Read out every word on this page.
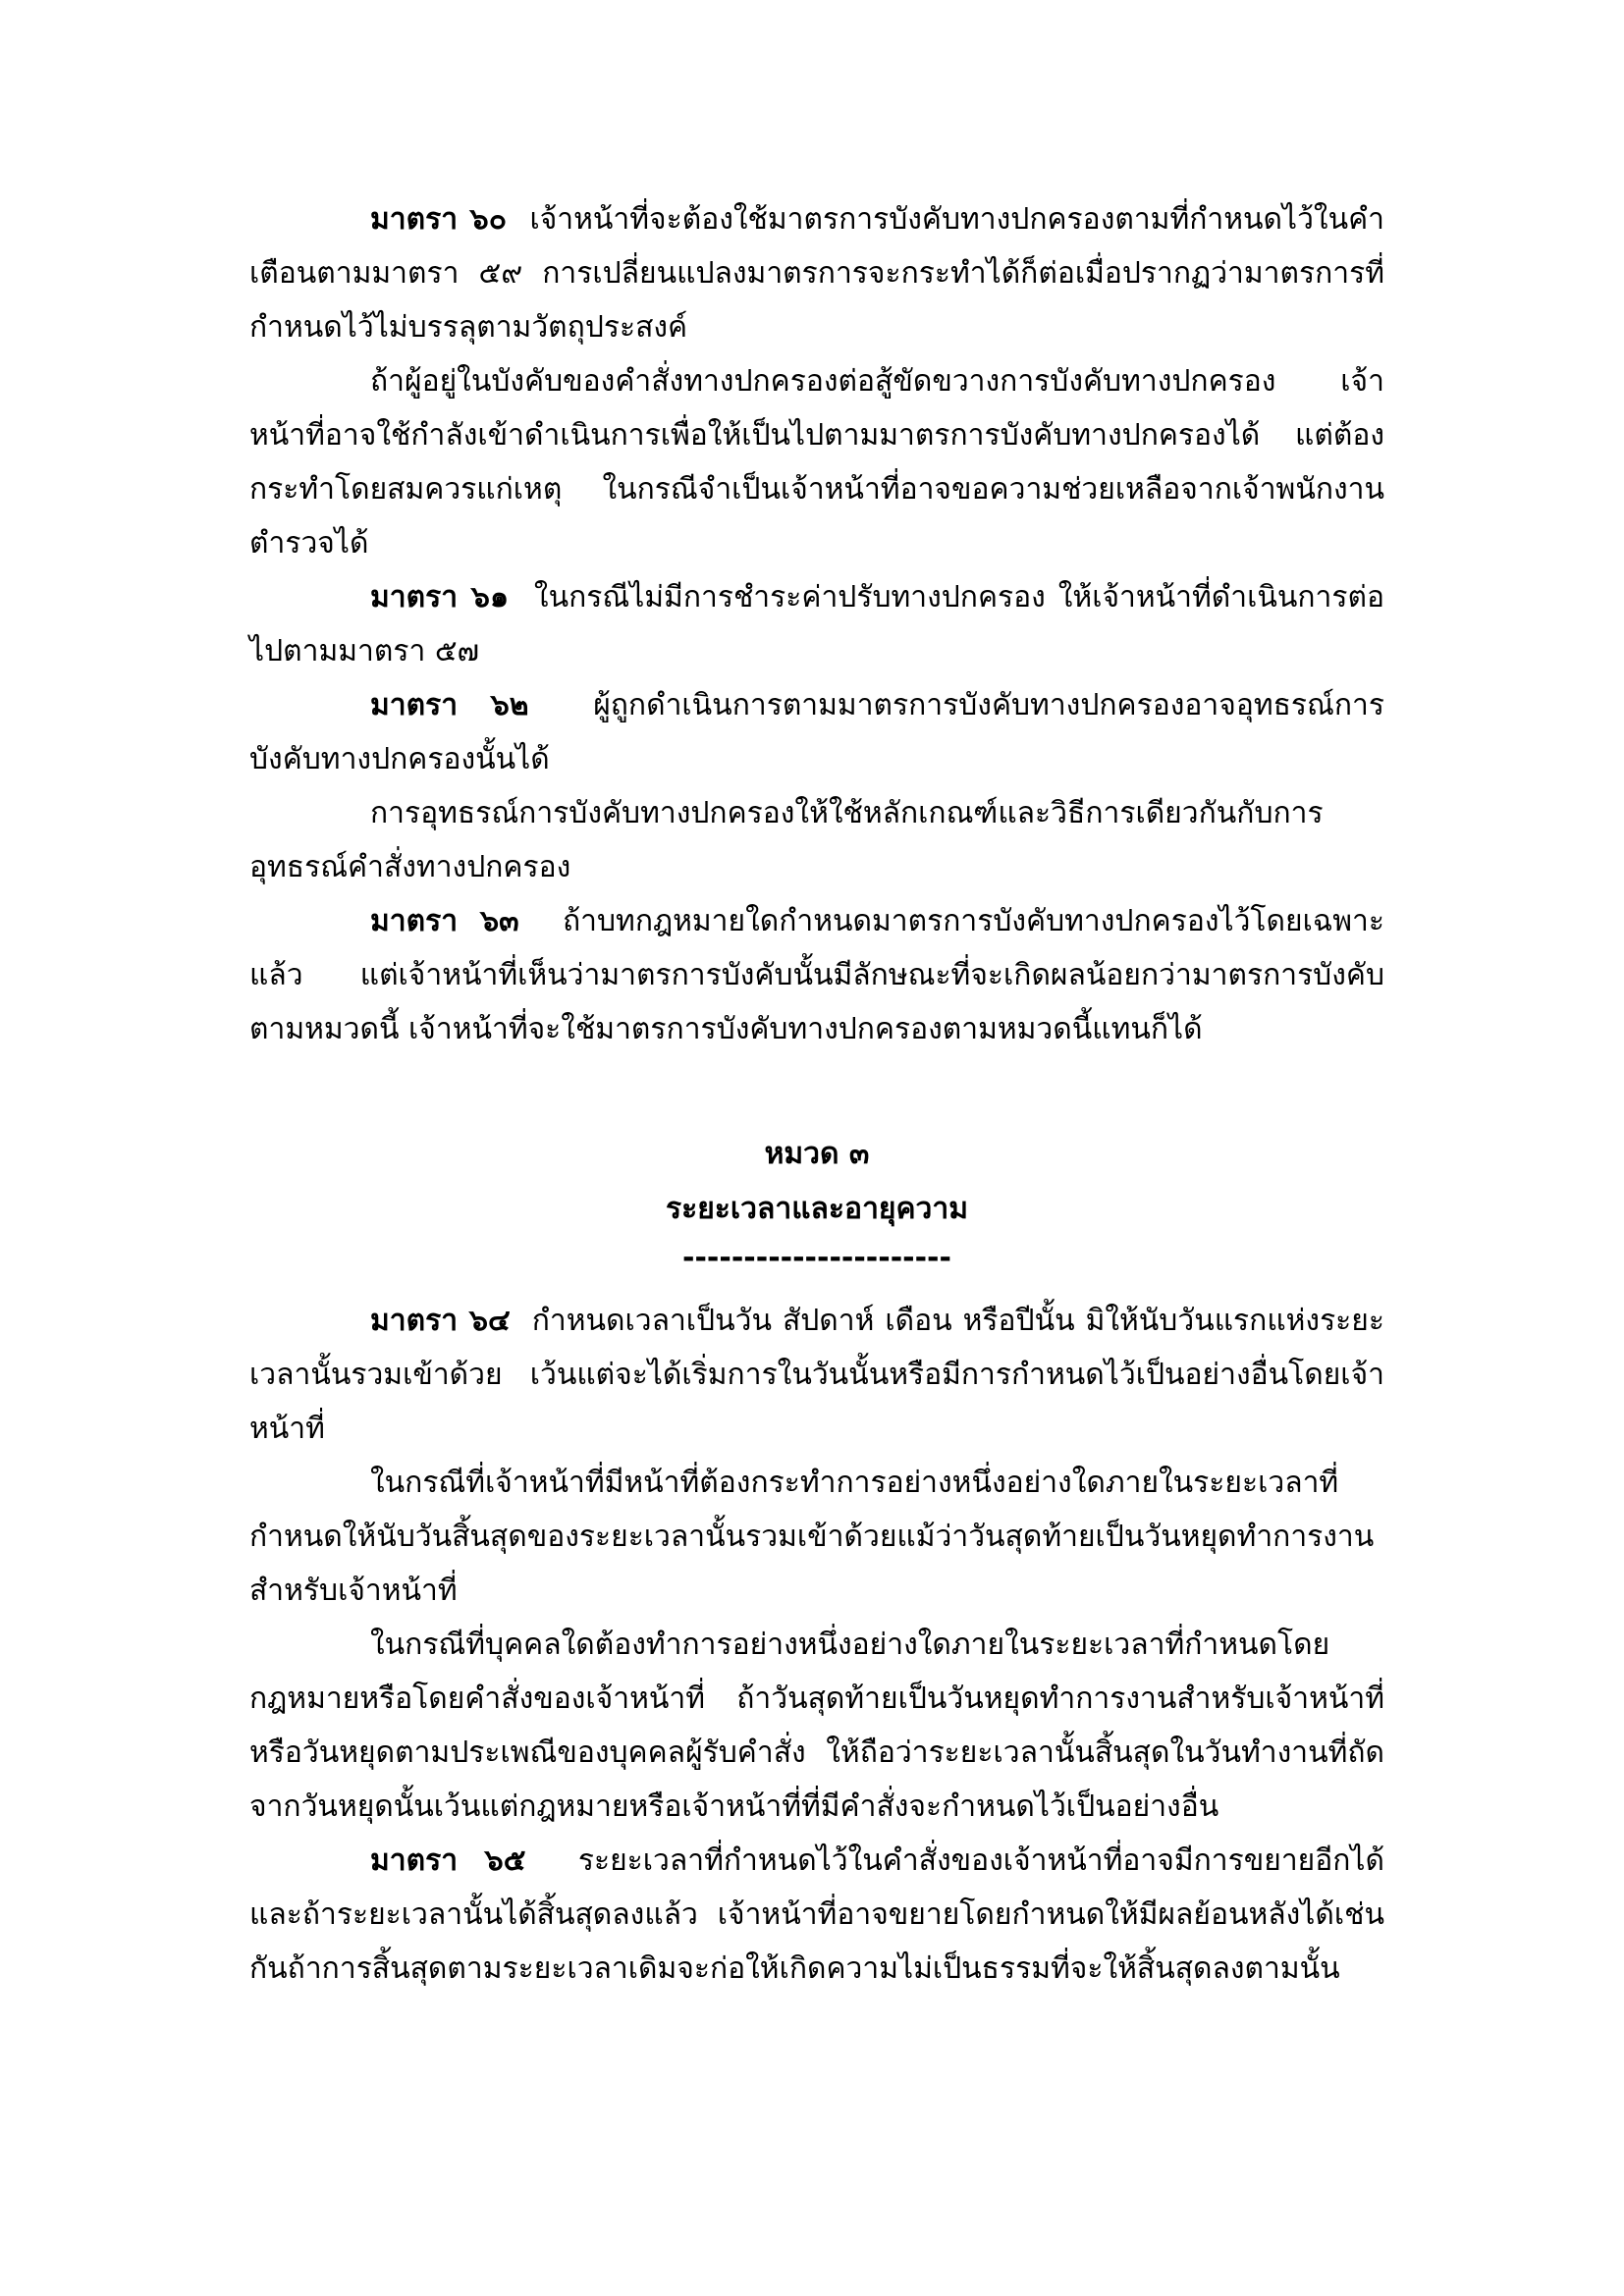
มาตรา ๖๐ เจ้าหน้าที่จะต้องใช้มาตรการบังคับทางปกครองตามที่กำหนดไว้ในคำเตือนตามมาตรา ๕๙ การเปลี่ยนแปลงมาตรการจะกระทำได้ก็ต่อเมื่อปรากฏว่ามาตรการที่กำหนดไว้ไม่บรรลุตามวัตถุประสงค์

ถ้าผู้อยู่ในบังคับของคำสั่งทางปกครองต่อสู้ขัดขวางการบังคับทางปกครอง เจ้าหน้าที่อาจใช้กำลังเข้าดำเนินการเพื่อให้เป็นไปตามมาตรการบังคับทางปกครองได้ แต่ต้องกระทำโดยสมควรแก่เหตุ ในกรณีจำเป็นเจ้าหน้าที่อาจขอความช่วยเหลือจากเจ้าพนักงานตำรวจได้

มาตรา ๖๑ ในกรณีไม่มีการชำระค่าปรับทางปกครอง ให้เจ้าหน้าที่ดำเนินการต่อไปตามมาตรา ๕๗

มาตรา ๖๒ ผู้ถูกดำเนินการตามมาตรการบังคับทางปกครองอาจอุทธรณ์การบังคับทางปกครองนั้นได้

การอุทธรณ์การบังคับทางปกครองให้ใช้หลักเกณฑ์และวิธีการเดียวกันกับการอุทธรณ์คำสั่งทางปกครอง

มาตรา ๖๓ ถ้าบทกฎหมายใดกำหนดมาตรการบังคับทางปกครองไว้โดยเฉพาะแล้ว แต่เจ้าหน้าที่เห็นว่ามาตรการบังคับนั้นมีลักษณะที่จะเกิดผลน้อยกว่ามาตรการบังคับตามหมวดนี้ เจ้าหน้าที่จะใช้มาตรการบังคับทางปกครองตามหมวดนี้แทนก็ได้

หมวด ๓
ระยะเวลาและอายุความ
----------------------

มาตรา ๖๔ กำหนดเวลาเป็นวัน สัปดาห์ เดือน หรือปีนั้น มิให้นับวันแรกแห่งระยะเวลานั้นรวมเข้าด้วย เว้นแต่จะได้เริ่มการในวันนั้นหรือมีการกำหนดไว้เป็นอย่างอื่นโดยเจ้าหน้าที่

ในกรณีที่เจ้าหน้าที่มีหน้าที่ต้องกระทำการอย่างหนึ่งอย่างใดภายในระยะเวลาที่กำหนดให้นับวันสิ้นสุดของระยะเวลานั้นรวมเข้าด้วยแม้ว่าวันสุดท้ายเป็นวันหยุดทำการงานสำหรับเจ้าหน้าที่

ในกรณีที่บุคคลใดต้องทำการอย่างหนึ่งอย่างใดภายในระยะเวลาที่กำหนดโดยกฎหมายหรือโดยคำสั่งของเจ้าหน้าที่ ถ้าวันสุดท้ายเป็นวันหยุดทำการงานสำหรับเจ้าหน้าที่หรือวันหยุดตามประเพณีของบุคคลผู้รับคำสั่ง ให้ถือว่าระยะเวลานั้นสิ้นสุดในวันทำงานที่ถัดจากวันหยุดนั้นเว้นแต่กฎหมายหรือเจ้าหน้าที่ที่มีคำสั่งจะกำหนดไว้เป็นอย่างอื่น

มาตรา ๖๕ ระยะเวลาที่กำหนดไว้ในคำสั่งของเจ้าหน้าที่อาจมีการขยายอีกได้ และถ้าระยะเวลานั้นได้สิ้นสุดลงแล้ว เจ้าหน้าที่อาจขยายโดยกำหนดให้มีผลย้อนหลังได้เช่นกันถ้าการสิ้นสุดตามระยะเวลาเดิมจะก่อให้เกิดความไม่เป็นธรรมที่จะให้สิ้นสุดลงตามนั้น
